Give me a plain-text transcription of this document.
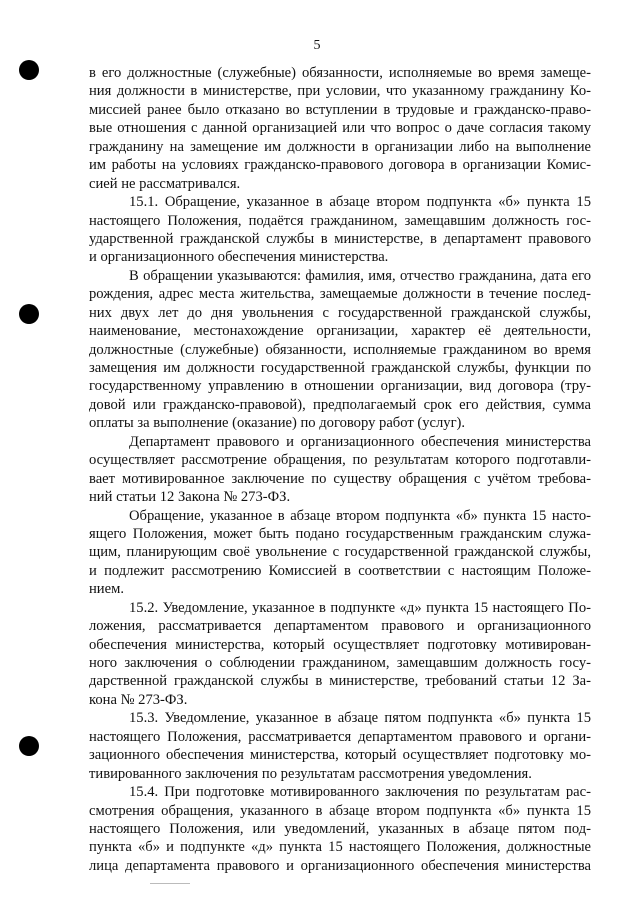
5
в его должностные (служебные) обязанности, исполняемые во время замеще-
ния должности в министерстве, при условии, что указанному гражданину Ко-
миссией ранее было отказано во вступлении в трудовые и гражданско-право-
вые отношения с данной организацией или что вопрос о даче согласия такому
гражданину на замещение им должности в организации либо на выполнение
им работы на условиях гражданско-правового договора в организации Комис-
сией не рассматривался.
15.1. Обращение, указанное в абзаце втором подпункта «б» пункта 15
настоящего Положения, подаётся гражданином, замещавшим должность гос-
ударственной гражданской службы в министерстве, в департамент правового
и организационного обеспечения министерства.
В обращении указываются: фамилия, имя, отчество гражданина, дата его
рождения, адрес места жительства, замещаемые должности в течение послед-
них двух лет до дня увольнения с государственной гражданской службы,
наименование, местонахождение организации, характер её деятельности,
должностные (служебные) обязанности, исполняемые гражданином во время
замещения им должности государственной гражданской службы, функции по
государственному управлению в отношении организации, вид договора (тру-
довой или гражданско-правовой), предполагаемый срок его действия, сумма
оплаты за выполнение (оказание) по договору работ (услуг).
Департамент правового и организационного обеспечения министерства
осуществляет рассмотрение обращения, по результатам которого подготавли-
вает мотивированное заключение по существу обращения с учётом требова-
ний статьи 12 Закона № 273-ФЗ.
Обращение, указанное в абзаце втором подпункта «б» пункта 15 насто-
ящего Положения, может быть подано государственным гражданским служа-
щим, планирующим своё увольнение с государственной гражданской службы,
и подлежит рассмотрению Комиссией в соответствии с настоящим Положе-
нием.
15.2. Уведомление, указанное в подпункте «д» пункта 15 настоящего По-
ложения, рассматривается департаментом правового и организационного
обеспечения министерства, который осуществляет подготовку мотивирован-
ного заключения о соблюдении гражданином, замещавшим должность госу-
дарственной гражданской службы в министерстве, требований статьи 12 За-
кона № 273-ФЗ.
15.3. Уведомление, указанное в абзаце пятом подпункта «б» пункта 15
настоящего Положения, рассматривается департаментом правового и органи-
зационного обеспечения министерства, который осуществляет подготовку мо-
тивированного заключения по результатам рассмотрения уведомления.
15.4. При подготовке мотивированного заключения по результатам рас-
смотрения обращения, указанного в абзаце втором подпункта «б» пункта 15
настоящего Положения, или уведомлений, указанных в абзаце пятом под-
пункта «б» и подпункте «д» пункта 15 настоящего Положения, должностные
лица департамента правового и организационного обеспечения министерства
